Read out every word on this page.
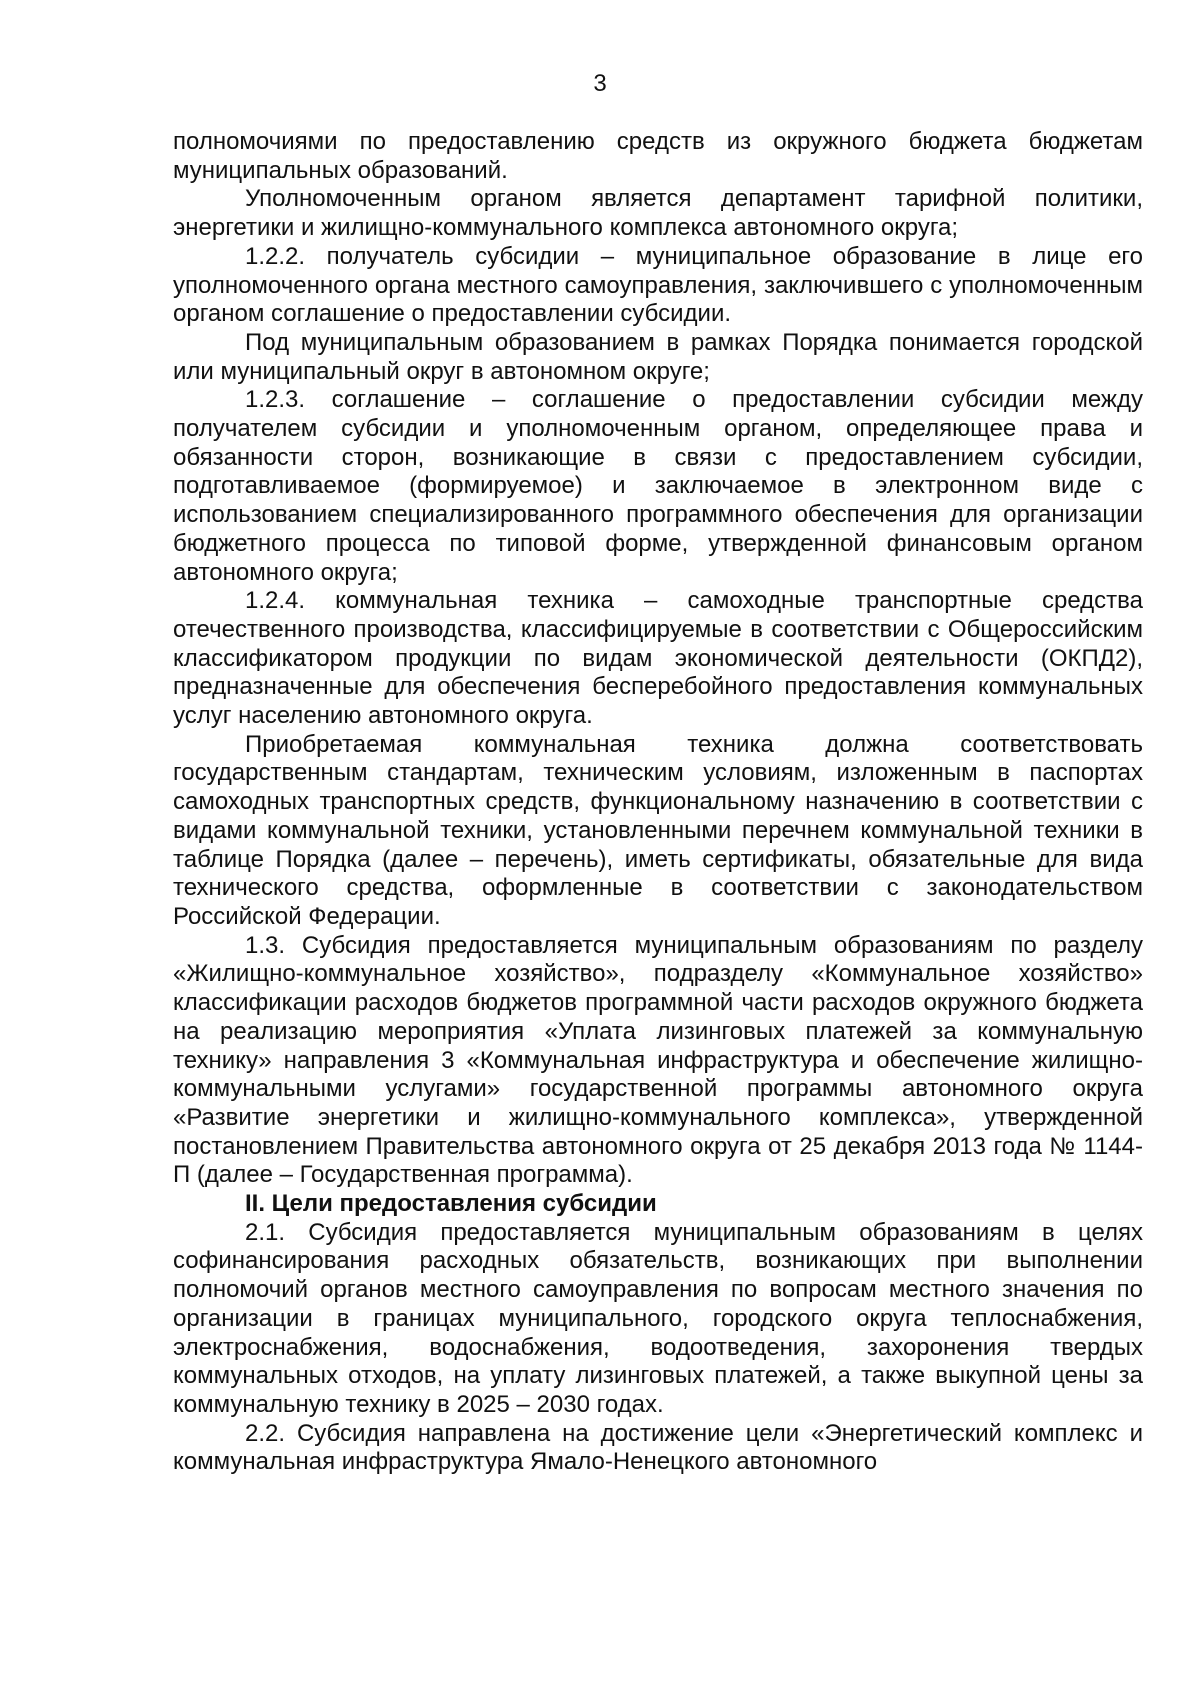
3

полномочиями по предоставлению средств из окружного бюджета бюджетам муниципальных образований.

Уполномоченным органом является департамент тарифной политики, энергетики и жилищно-коммунального комплекса автономного округа;

1.2.2. получатель субсидии – муниципальное образование в лице его уполномоченного органа местного самоуправления, заключившего с уполномоченным органом соглашение о предоставлении субсидии.

Под муниципальным образованием в рамках Порядка понимается городской или муниципальный округ в автономном округе;

1.2.3. соглашение – соглашение о предоставлении субсидии между получателем субсидии и уполномоченным органом, определяющее права и обязанности сторон, возникающие в связи с предоставлением субсидии, подготавливаемое (формируемое) и заключаемое в электронном виде с использованием специализированного программного обеспечения для организации бюджетного процесса по типовой форме, утвержденной финансовым органом автономного округа;

1.2.4. коммунальная техника – самоходные транспортные средства отечественного производства, классифицируемые в соответствии с Общероссийским классификатором продукции по видам экономической деятельности (ОКПД2), предназначенные для обеспечения бесперебойного предоставления коммунальных услуг населению автономного округа.

Приобретаемая коммунальная техника должна соответствовать государственным стандартам, техническим условиям, изложенным в паспортах самоходных транспортных средств, функциональному назначению в соответствии с видами коммунальной техники, установленными перечнем коммунальной техники в таблице Порядка (далее – перечень), иметь сертификаты, обязательные для вида технического средства, оформленные в соответствии с законодательством Российской Федерации.

1.3. Субсидия предоставляется муниципальным образованиям по разделу «Жилищно-коммунальное хозяйство», подразделу «Коммунальное хозяйство» классификации расходов бюджетов программной части расходов окружного бюджета на реализацию мероприятия «Уплата лизинговых платежей за коммунальную технику» направления 3 «Коммунальная инфраструктура и обеспечение жилищно-коммунальными услугами» государственной программы автономного округа «Развитие энергетики и жилищно-коммунального комплекса», утвержденной постановлением Правительства автономного округа от 25 декабря 2013 года № 1144-П (далее – Государственная программа).

II. Цели предоставления субсидии

2.1. Субсидия предоставляется муниципальным образованиям в целях софинансирования расходных обязательств, возникающих при выполнении полномочий органов местного самоуправления по вопросам местного значения по организации в границах муниципального, городского округа теплоснабжения, электроснабжения, водоснабжения, водоотведения, захоронения твердых коммунальных отходов, на уплату лизинговых платежей, а также выкупной цены за коммунальную технику в 2025 – 2030 годах.

2.2. Субсидия направлена на достижение цели «Энергетический комплекс и коммунальная инфраструктура Ямало-Ненецкого автономного
